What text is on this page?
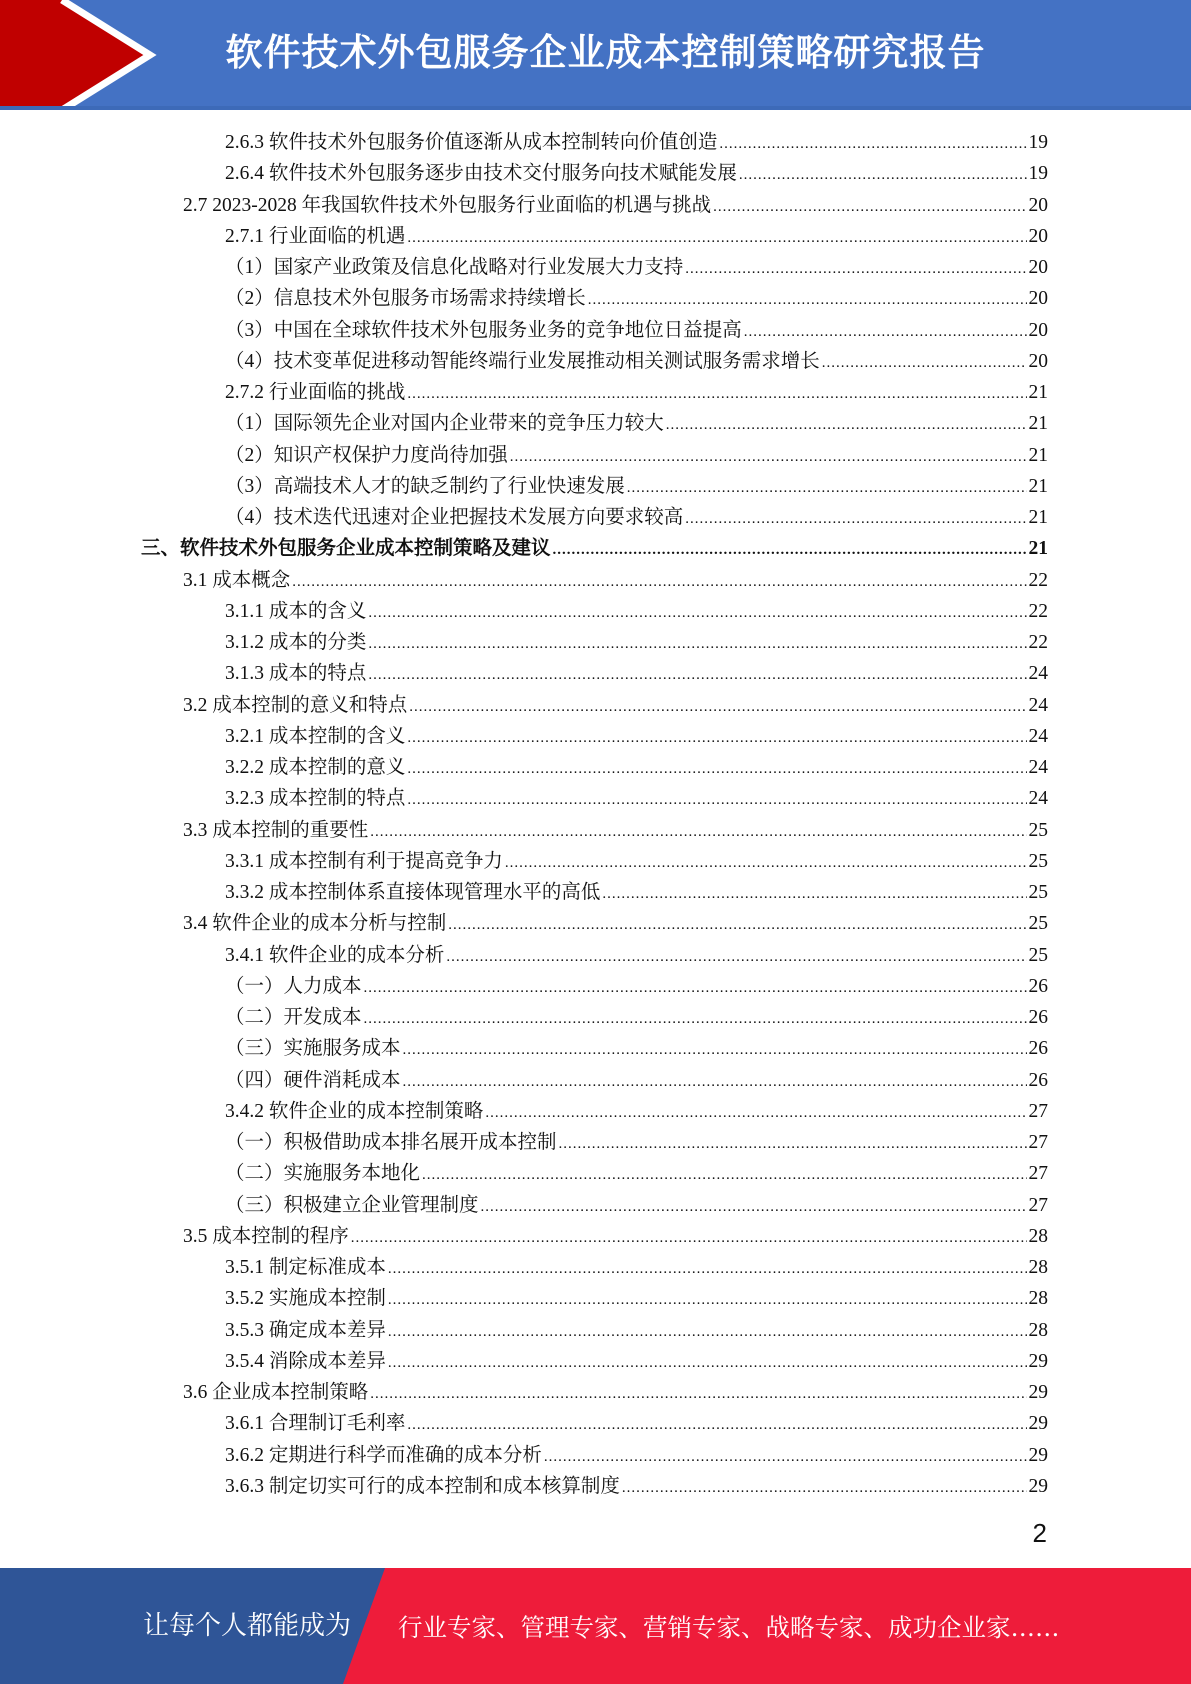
软件技术外包服务企业成本控制策略研究报告
2.6.3 软件技术外包服务价值逐渐从成本控制转向价值创造 .....	19
2.6.4 软件技术外包服务逐步由技术交付服务向技术赋能发展 .....	19
2.7 2023-2028 年我国软件技术外包服务行业面临的机遇与挑战 .....	20
2.7.1 行业面临的机遇 .....	20
（1）国家产业政策及信息化战略对行业发展大力支持 .....	20
（2）信息技术外包服务市场需求持续增长 .....	20
（3）中国在全球软件技术外包服务业务的竞争地位日益提高 .....	20
（4）技术变革促进移动智能终端行业发展推动相关测试服务需求增长 .....	20
2.7.2 行业面临的挑战 .....	21
（1）国际领先企业对国内企业带来的竞争压力较大 .....	21
（2）知识产权保护力度尚待加强 .....	21
（3）高端技术人才的缺乏制约了行业快速发展 .....	21
（4）技术迭代迅速对企业把握技术发展方向要求较高 .....	21
三、软件技术外包服务企业成本控制策略及建议 .....	21
3.1 成本概念 .....	22
3.1.1 成本的含义 .....	22
3.1.2 成本的分类 .....	22
3.1.3 成本的特点 .....	24
3.2 成本控制的意义和特点 .....	24
3.2.1 成本控制的含义 .....	24
3.2.2 成本控制的意义 .....	24
3.2.3 成本控制的特点 .....	24
3.3 成本控制的重要性 .....	25
3.3.1 成本控制有利于提高竞争力 .....	25
3.3.2 成本控制体系直接体现管理水平的高低 .....	25
3.4 软件企业的成本分析与控制 .....	25
3.4.1 软件企业的成本分析 .....	25
（一）人力成本 .....	26
（二）开发成本 .....	26
（三）实施服务成本 .....	26
（四）硬件消耗成本 .....	26
3.4.2 软件企业的成本控制策略 .....	27
（一）积极借助成本排名展开成本控制 .....	27
（二）实施服务本地化 .....	27
（三）积极建立企业管理制度 .....	27
3.5 成本控制的程序 .....	28
3.5.1 制定标准成本 .....	28
3.5.2 实施成本控制 .....	28
3.5.3 确定成本差异 .....	28
3.5.4 消除成本差异 .....	29
3.6 企业成本控制策略 .....	29
3.6.1 合理制订毛利率 .....	29
3.6.2 定期进行科学而准确的成本分析 .....	29
3.6.3 制定切实可行的成本控制和成本核算制度 .....	29
2
让每个人都能成为 行业专家、管理专家、营销专家、战略专家、成功企业家……
